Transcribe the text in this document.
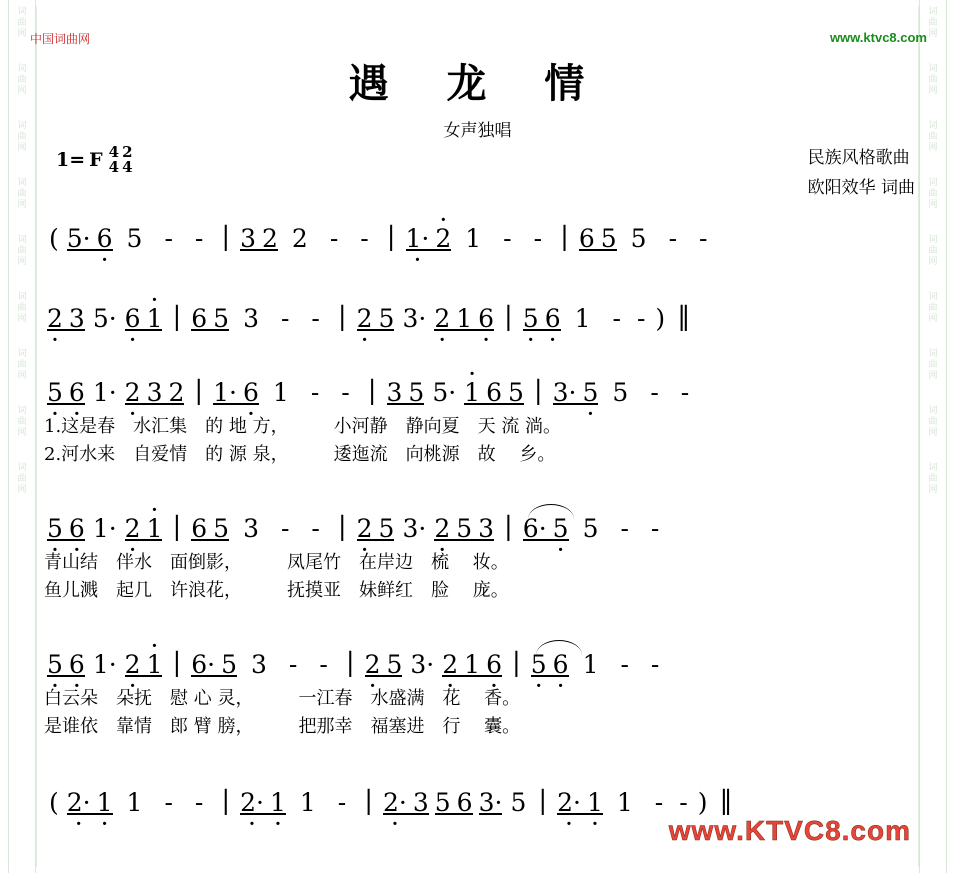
词
曲
网
词
曲
网
词
曲
网
词
曲
网
词
曲
网
词
曲
网
词
曲
网
词
曲
网
词
曲
网
词
曲
网
词
曲
网
词
曲
网
词
曲
网
词
曲
网
词
曲
网
词
曲
网
词
曲
网
词
曲
网
中国词曲网	www.ktvc8.com
遇 龙 情
女声独唱
1= F 4
4
2
4	民族风格歌曲
欧阳效华 词曲
( 5· 6 · 5 - - | 3 2 2 - - | 1· · · 2 1 - - | 6 5 5 - -
2 · 3 5· 6 · · 1 | 6 5 3 - - | 2 · 5 3· 2 · 1 6 · | 5 · 6 · 1 - - ) ‖
5 · 6 · 1· 2 · 3 2 | 1· 6 · 1 - - | 3 5 5· · 1 6 5 | 3· 5 · 5 - -
1.这是春　水汇集　的 地 方，　　　小河静　静向夏　天 流 淌。
2.河水来　自爱情　的 源 泉，　　　逶迤流　向桃源　故　 乡。
5 · 6 · 1· 2 · · 1 | 6 5 3 - - | 2 · 5 3· 2 · 5 3 | 6· 5 · 5 - -
青山结　伴水　面倒影，　　　凤尾竹　在岸边　梳　 妆。
鱼儿溅　起几　许浪花，　　　抚摸亚　妹鲜红　脸　 庞。
5 · 6 · 1· 2 · · 1 | 6· 5 3 - - | 2 · 5 3· 2 · 1 6 · | 5 · 6 · 1 - -
白云朵　朵抚　慰 心 灵，　　　一江春　水盛满　花　 香。
是谁依　靠情　郎 臂 膀，　　　把那幸　福塞进　行　 囊。
( 2· · 1 · 1 - - | 2· · 1 · 1 - | 2· · 3 5 6 3· 5 | 2· · 1 · 1 - - ) ‖
www.KTVC8.com
